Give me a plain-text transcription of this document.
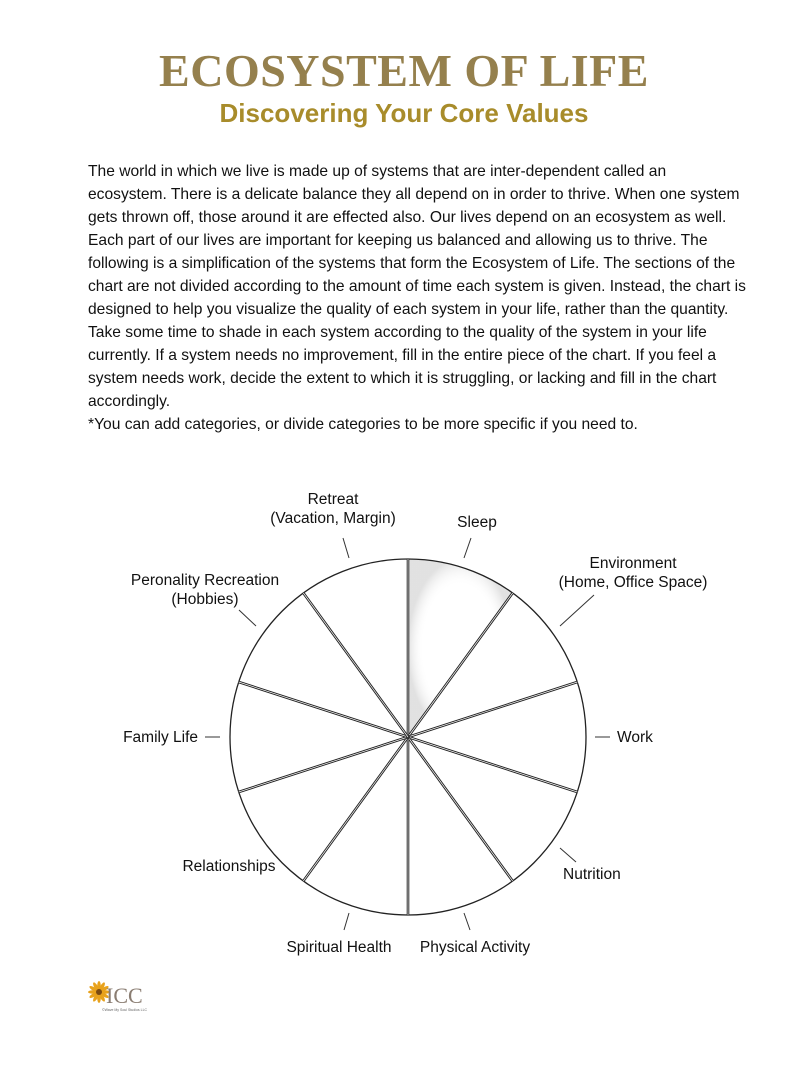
ECOSYSTEM OF LIFE
Discovering Your Core Values

The world in which we live is made up of systems that are inter-dependent called an ecosystem. There is a delicate balance they all depend on in order to thrive. When one system gets thrown off, those around it are effected also. Our lives depend on an ecosystem as well. Each part of our lives are important for keeping us balanced and allowing us to thrive. The following is a simplification of the systems that form the Ecosystem of Life. The sections of the chart are not divided according to the amount of time each system is given. Instead, the chart is designed to help you visualize the quality of each system in your life, rather than the quantity. Take some time to shade in each system according to the quality of the system in your life currently. If a system needs no improvement, fill in the entire piece of the chart. If you feel a system needs work, decide the extent to which it is struggling, or lacking and fill in the chart accordingly.

*You can add categories, or divide categories to be more specific if you need to.

Sleep
Environment
(Home, Office Space)
Work
Nutrition
Physical Activity
Spiritual Health
Relationships
Family Life
Peronality Recreation
(Hobbies)
Retreat
(Vacation, Margin)
ICC
©Wave My Soul Studios LLC
